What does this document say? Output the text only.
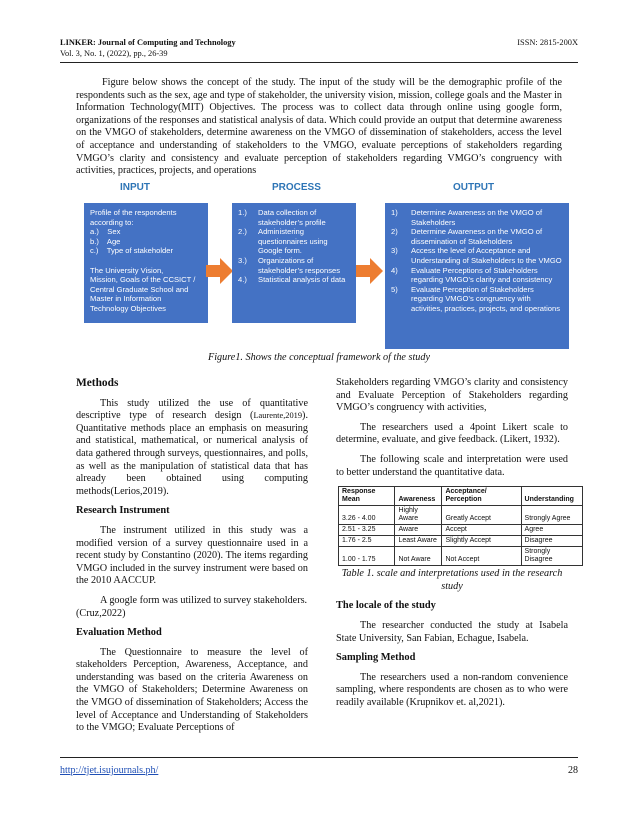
LINKER: Journal of Computing and Technology
Vol. 3, No. 1, (2022), pp., 26-39
ISSN: 2815-200X

Figure below shows the concept of the study. The input of the study will be the demographic profile of the respondents such as the sex, age and type of stakeholder, the university vision, mission, college goals and the Master in Information Technology(MIT) Objectives. The process was to collect data through online using google form, organizations of the responses and statistical analysis of data. Which could provide an output that determine awareness on the VMGO of stakeholders, determine awareness on the VMGO of dissemination of stakeholders, access the level of acceptance and understanding of stakeholders to the VMGO, evaluate perceptions of stakeholders regarding VMGO’s clarity and consistency and evaluate perception of stakeholders regarding VMGO’s congruency with activities, practices, projects, and operations

INPUT	PROCESS	OUTPUT
Profile of the respondents
according to:
a.)    Sex
b.)    Age
c.)    Type of stakeholder

The University Vision,
Mission, Goals of the CCSICT /
Central Graduate School and
Master in Information
Technology Objectives
1.) Data collection of stakeholder’s profile
2.) Administering questionnaires using Google form.
3.) Organizations of stakeholder’s responses
4.) Statistical analysis of data
1) Determine Awareness on the VMGO of Stakeholders
2) Determine Awareness on the VMGO of dissemination of Stakeholders
3) Access the level of Acceptance and Understanding of Stakeholders to the VMGO
4) Evaluate Perceptions of Stakeholders regarding VMGO’s clarity and consistency
5) Evaluate Perception of Stakeholders regarding VMGO’s congruency with activities, practices, projects, and operations
Figure1. Shows the conceptual framework of the study
Methods

This study utilized the use of quantitative descriptive type of research design (Laurente,2019). Quantitative methods place an emphasis on measuring and statistical, mathematical, or numerical analysis of data gathered through surveys, questionnaires, and polls, as well as the manipulation of statistical data that has already been obtained using computing methods(Lerios,2019).

Research Instrument

The instrument utilized in this study was a modified version of a survey questionnaire used in a recent study by Constantino (2020). The items regarding VMGO included in the survey instrument were based on the 2010 AACCUP.

A google form was utilized to survey stakeholders. (Cruz,2022)

Evaluation Method

The Questionnaire to measure the level of stakeholders Perception, Awareness, Acceptance, and understanding was based on the criteria Awareness on the VMGO of Stakeholders; Determine Awareness on the VMGO of dissemination of Stakeholders; Access the level of Acceptance and Understanding of Stakeholders to the VMGO; Evaluate Perceptions of

Stakeholders regarding VMGO’s clarity and consistency and Evaluate Perception of Stakeholders regarding VMGO’s congruency with activities,

The researchers used a 4point Likert scale to determine, evaluate, and give feedback. (Likert, 1932).

The following scale and interpretation were used to better understand the quantitative data.

Response Mean	Awareness	Acceptance/ Perception	Understanding
3.26 - 4.00	Highly Aware	Greatly Accept	Strongly Agree
2.51 - 3.25	Aware	Accept	Agree
1.76 - 2.5	Least Aware	Slightly Accept	Disagree
1.00 - 1.75	Not Aware	Not Accept	Strongly Disagree

Table 1. scale and interpretations used in the research study

The locale of the study

The researcher conducted the study at Isabela State University, San Fabian, Echague, Isabela.

Sampling Method

The researchers used a non-random convenience sampling, where respondents are chosen as to who were readily available (Krupnikov et. al,2021).

http://tjet.isujournals.ph/	28
